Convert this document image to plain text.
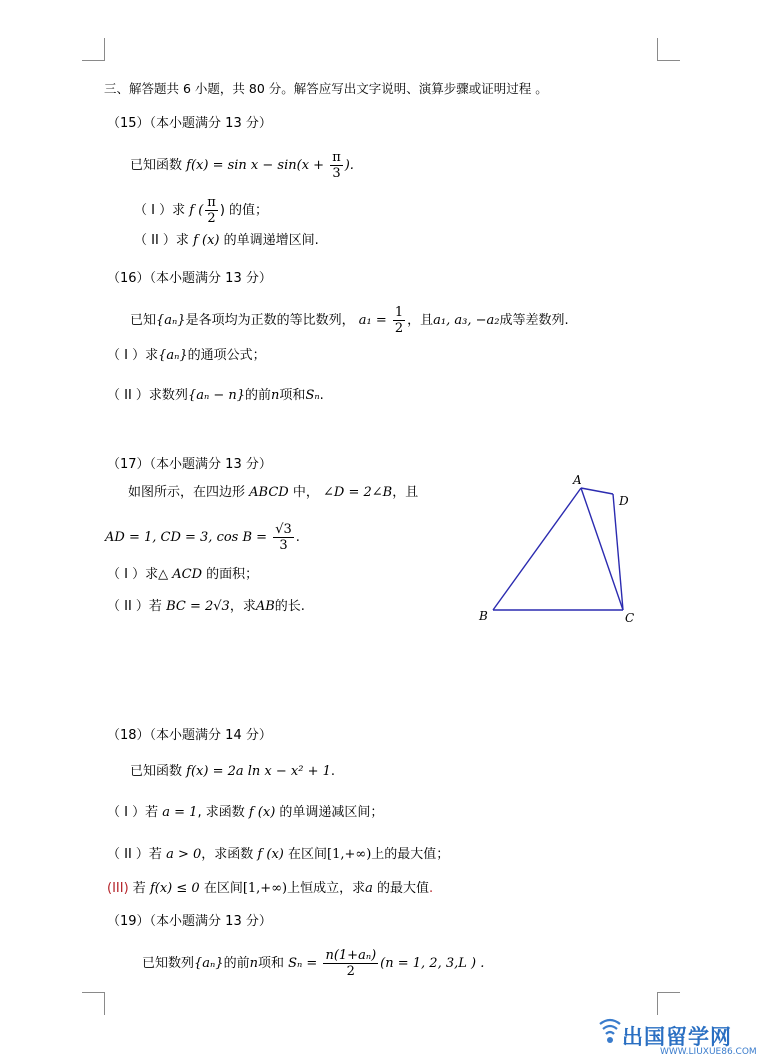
三、解答题共 6 小题，共 80 分。解答应写出文字说明、演算步骤或证明过程 。
（15）（本小题满分 13 分）
已知函数 $f(x) = \sin x - \sin(x + \frac{\pi}{3}$ ).
（ I ）求 f ( $\frac{\pi}{2}$ ) 的值；
（ II ）求 f (x) 的单调递增区间.
（16）（本小题满分 13 分）
已知{aₙ}是各项均为正数的等比数列， $a_1 = \frac{1}{2}$ ，且a₁, a₃, −a₂成等差数列.
（ I ）求{aₙ}的通项公式；
（ II ）求数列{aₙ − n}的前n项和Sₙ.
（17）（本小题满分 13 分）
如图所示，在四边形 ABCD 中， ∠D = 2∠B，且
AD = 1, CD = 3, $\cos B = \frac{√3}{3}$ .
（ I ）求△ ACD 的面积；
（ II ）若 BC = 2√3，求AB的长.
A
D
B	C
（18）（本小题满分 14 分）
已知函数 f(x) = 2a ln x − x² + 1.
（ I ）若 a = 1, 求函数 f (x) 的单调递减区间；
（ II ）若 a > 0，求函数 f (x) 在区间[1,+∞)上的最大值；
(III) 若 f(x) ≤ 0 在区间[1,+∞)上恒成立，求a 的最大值.
（19）（本小题满分 13 分）
已知数列{aₙ}的前n项和 $S_n = \frac{\text{n(1+aₙ)}}{2} (n = 1$, 2, 3,L ) .
出国留学网
WWW.LIUXUE86.COM
